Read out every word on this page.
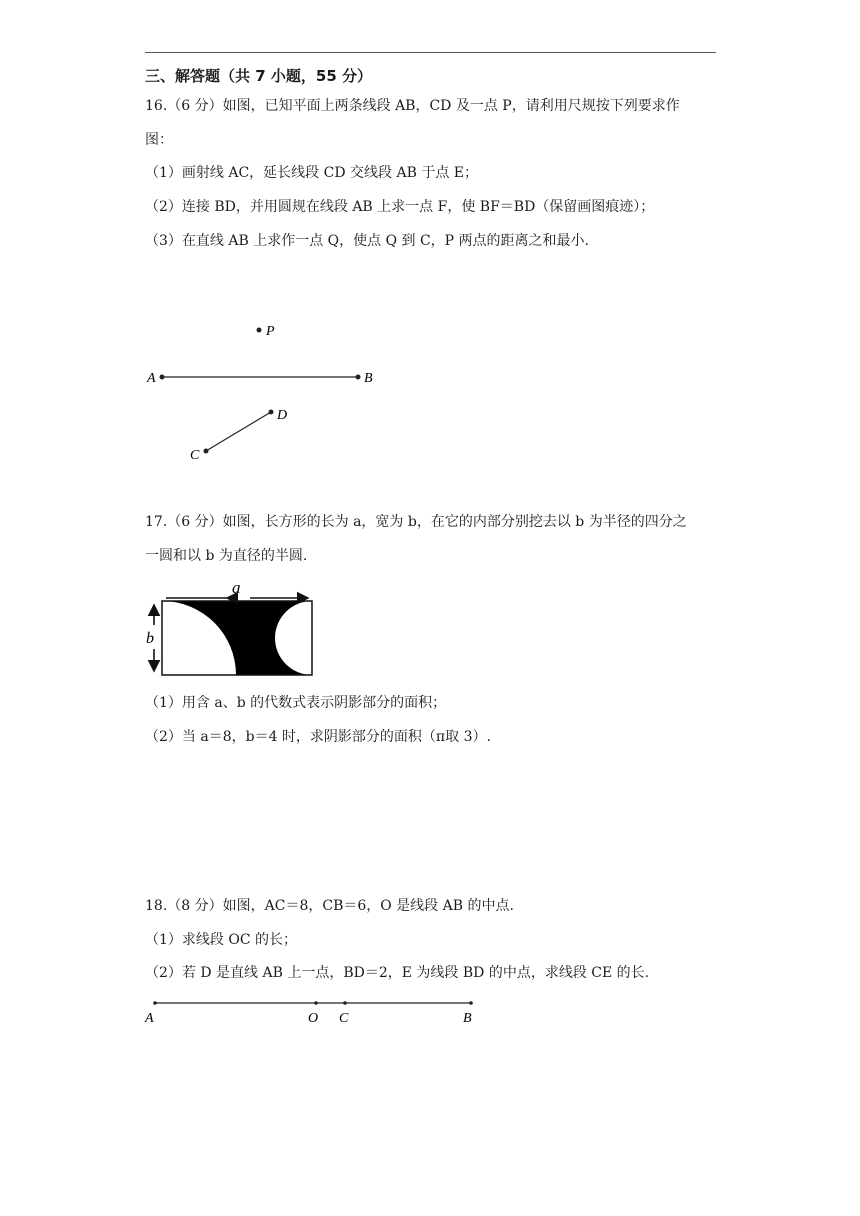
三、解答题（共 7 小题，55 分）
16.（6 分）如图，已知平面上两条线段 AB，CD 及一点 P，请利用尺规按下列要求作
图：
（1）画射线 AC，延长线段 CD 交线段 AB 于点 E；
（2）连接 BD，并用圆规在线段 AB 上求一点 F，使 BF＝BD（保留画图痕迹）；
（3）在直线 AB 上求作一点 Q，使点 Q 到 C，P 两点的距离之和最小.
P
A	B
C
D
17.（6 分）如图，长方形的长为 a，宽为 b，在它的内部分别挖去以 b 为半径的四分之
一圆和以 b 为直径的半圆.
a
b
（1）用含 a、b 的代数式表示阴影部分的面积；
（2）当 a＝8，b＝4 时，求阴影部分的面积（π取 3）.
18.（8 分）如图，AC＝8，CB＝6，O 是线段 AB 的中点.
（1）求线段 OC 的长；
（2）若 D 是直线 AB 上一点，BD＝2，E 为线段 BD 的中点，求线段 CE 的长.
A	O C	B
